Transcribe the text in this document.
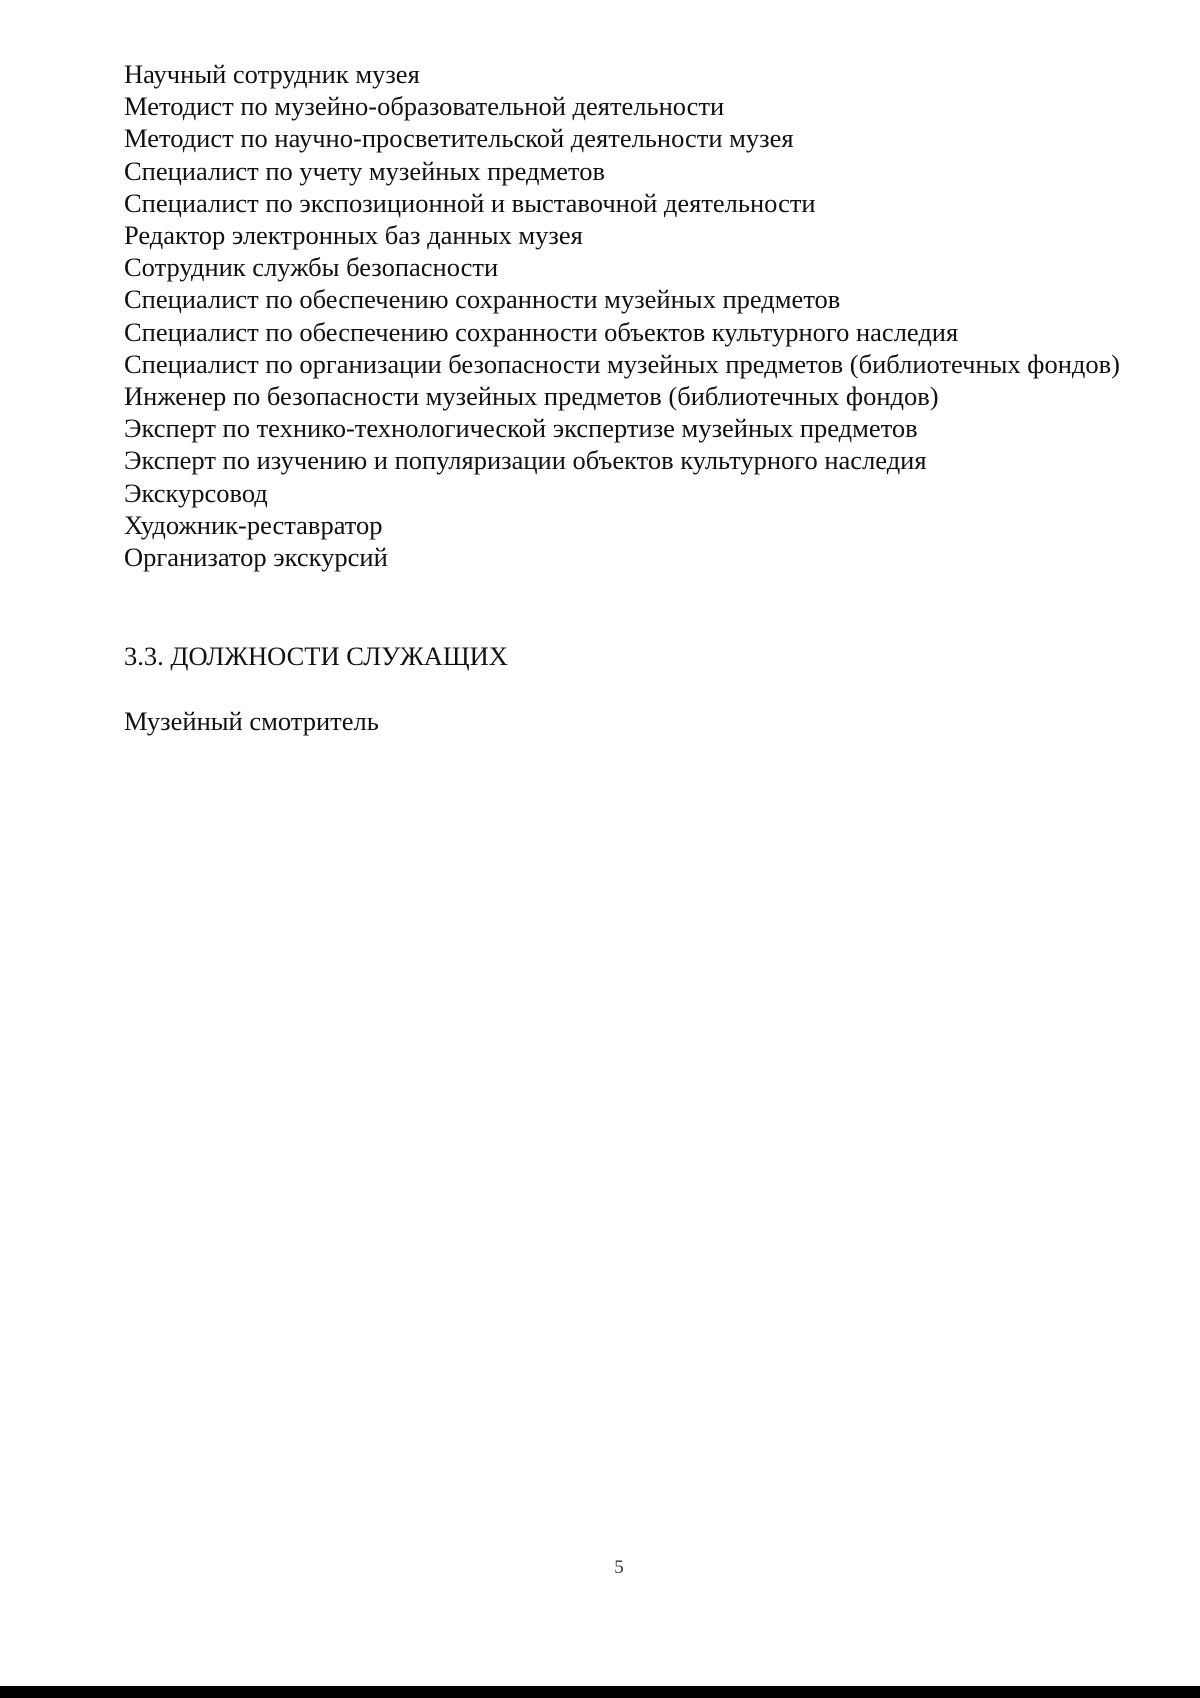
Научный сотрудник музея
Методист по музейно-образовательной деятельности
Методист по научно-просветительской деятельности музея
Специалист по учету музейных предметов
Специалист по экспозиционной и выставочной деятельности
Редактор электронных баз данных музея
Сотрудник службы безопасности
Специалист по обеспечению сохранности музейных предметов
Специалист по обеспечению сохранности объектов культурного наследия
Специалист по организации безопасности музейных предметов (библиотечных фондов)
Инженер по безопасности музейных предметов (библиотечных фондов)
Эксперт по технико-технологической экспертизе музейных предметов
Эксперт по изучению и популяризации объектов культурного наследия
Экскурсовод
Художник-реставратор
Организатор экскурсий
3.3. ДОЛЖНОСТИ СЛУЖАЩИХ
Музейный смотритель
5
